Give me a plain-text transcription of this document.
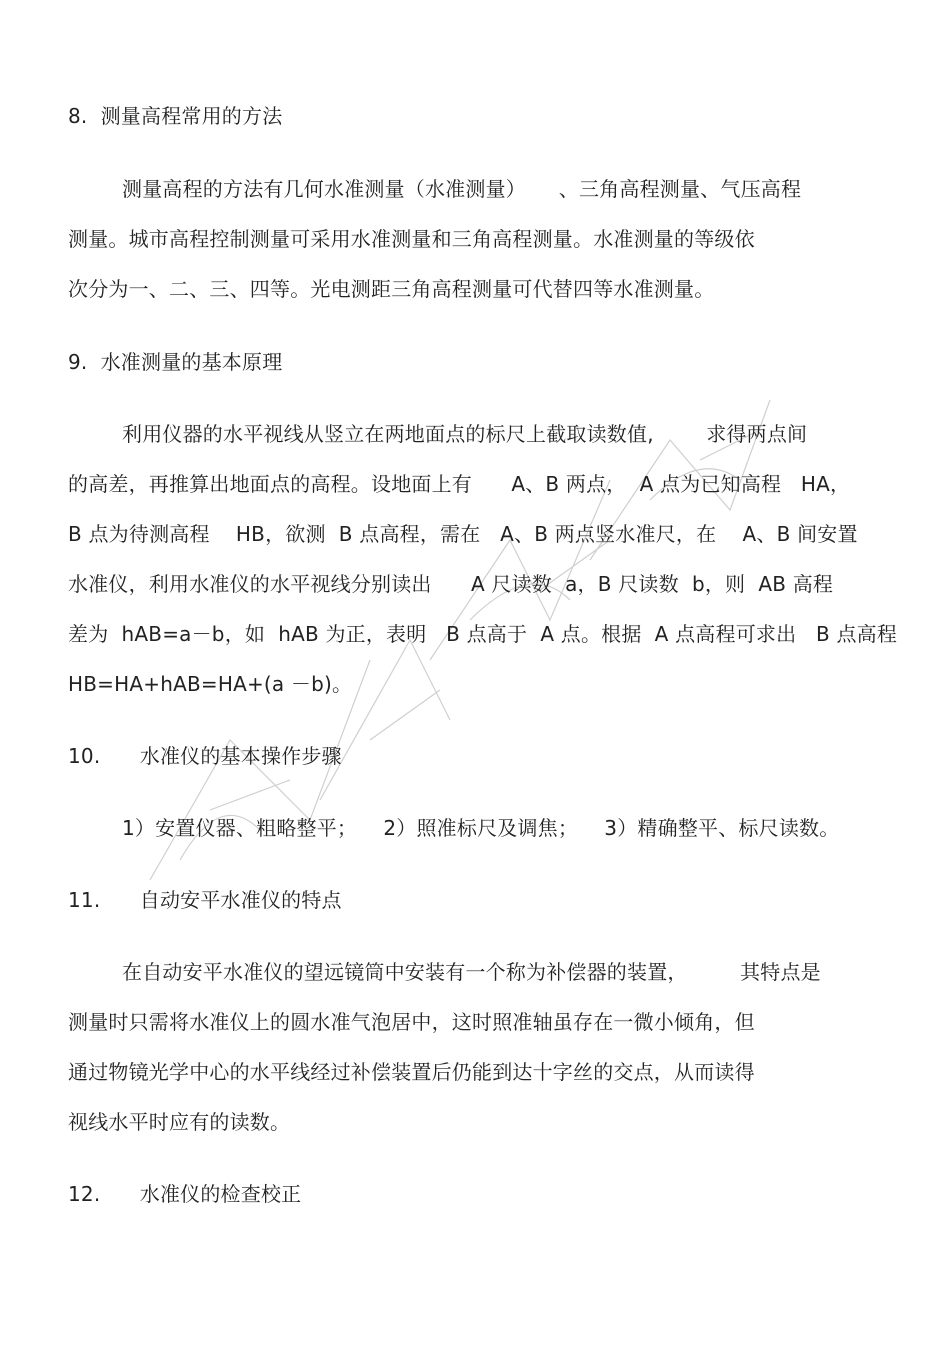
8.  测量高程常用的方法
测量高程的方法有几何水准测量（水准测量）     、三角高程测量、气压高程
测量。城市高程控制测量可采用水准测量和三角高程测量。水准测量的等级依
次分为一、二、三、四等。光电测距三角高程测量可代替四等水准测量。
9.  水准测量的基本原理
利用仪器的水平视线从竖立在两地面点的标尺上截取读数值,        求得两点间
的高差，再推算出地面点的高程。设地面上有      A、B 两点，  A 点为已知高程   HA，
B 点为待测高程    HB，欲测  B 点高程，需在   A、B 两点竖水准尺，在    A、B 间安置
水准仪，利用水准仪的水平视线分别读出      A 尺读数  a，B 尺读数  b，则  AB 高程
差为  hAB=a－b，如  hAB 为正，表明   B 点高于  A 点。根据  A 点高程可求出   B 点高程
HB=HA+hAB=HA+(a －b)。
10.      水准仪的基本操作步骤
1）安置仪器、粗略整平；    2）照准标尺及调焦；    3）精确整平、标尺读数。
11.      自动安平水准仪的特点
在自动安平水准仪的望远镜筒中安装有一个称为补偿器的装置，        其特点是
测量时只需将水准仪上的圆水准气泡居中，这时照准轴虽存在一微小倾角，但
通过物镜光学中心的水平线经过补偿装置后仍能到达十字丝的交点，从而读得
视线水平时应有的读数。
12.      水准仪的检查校正
